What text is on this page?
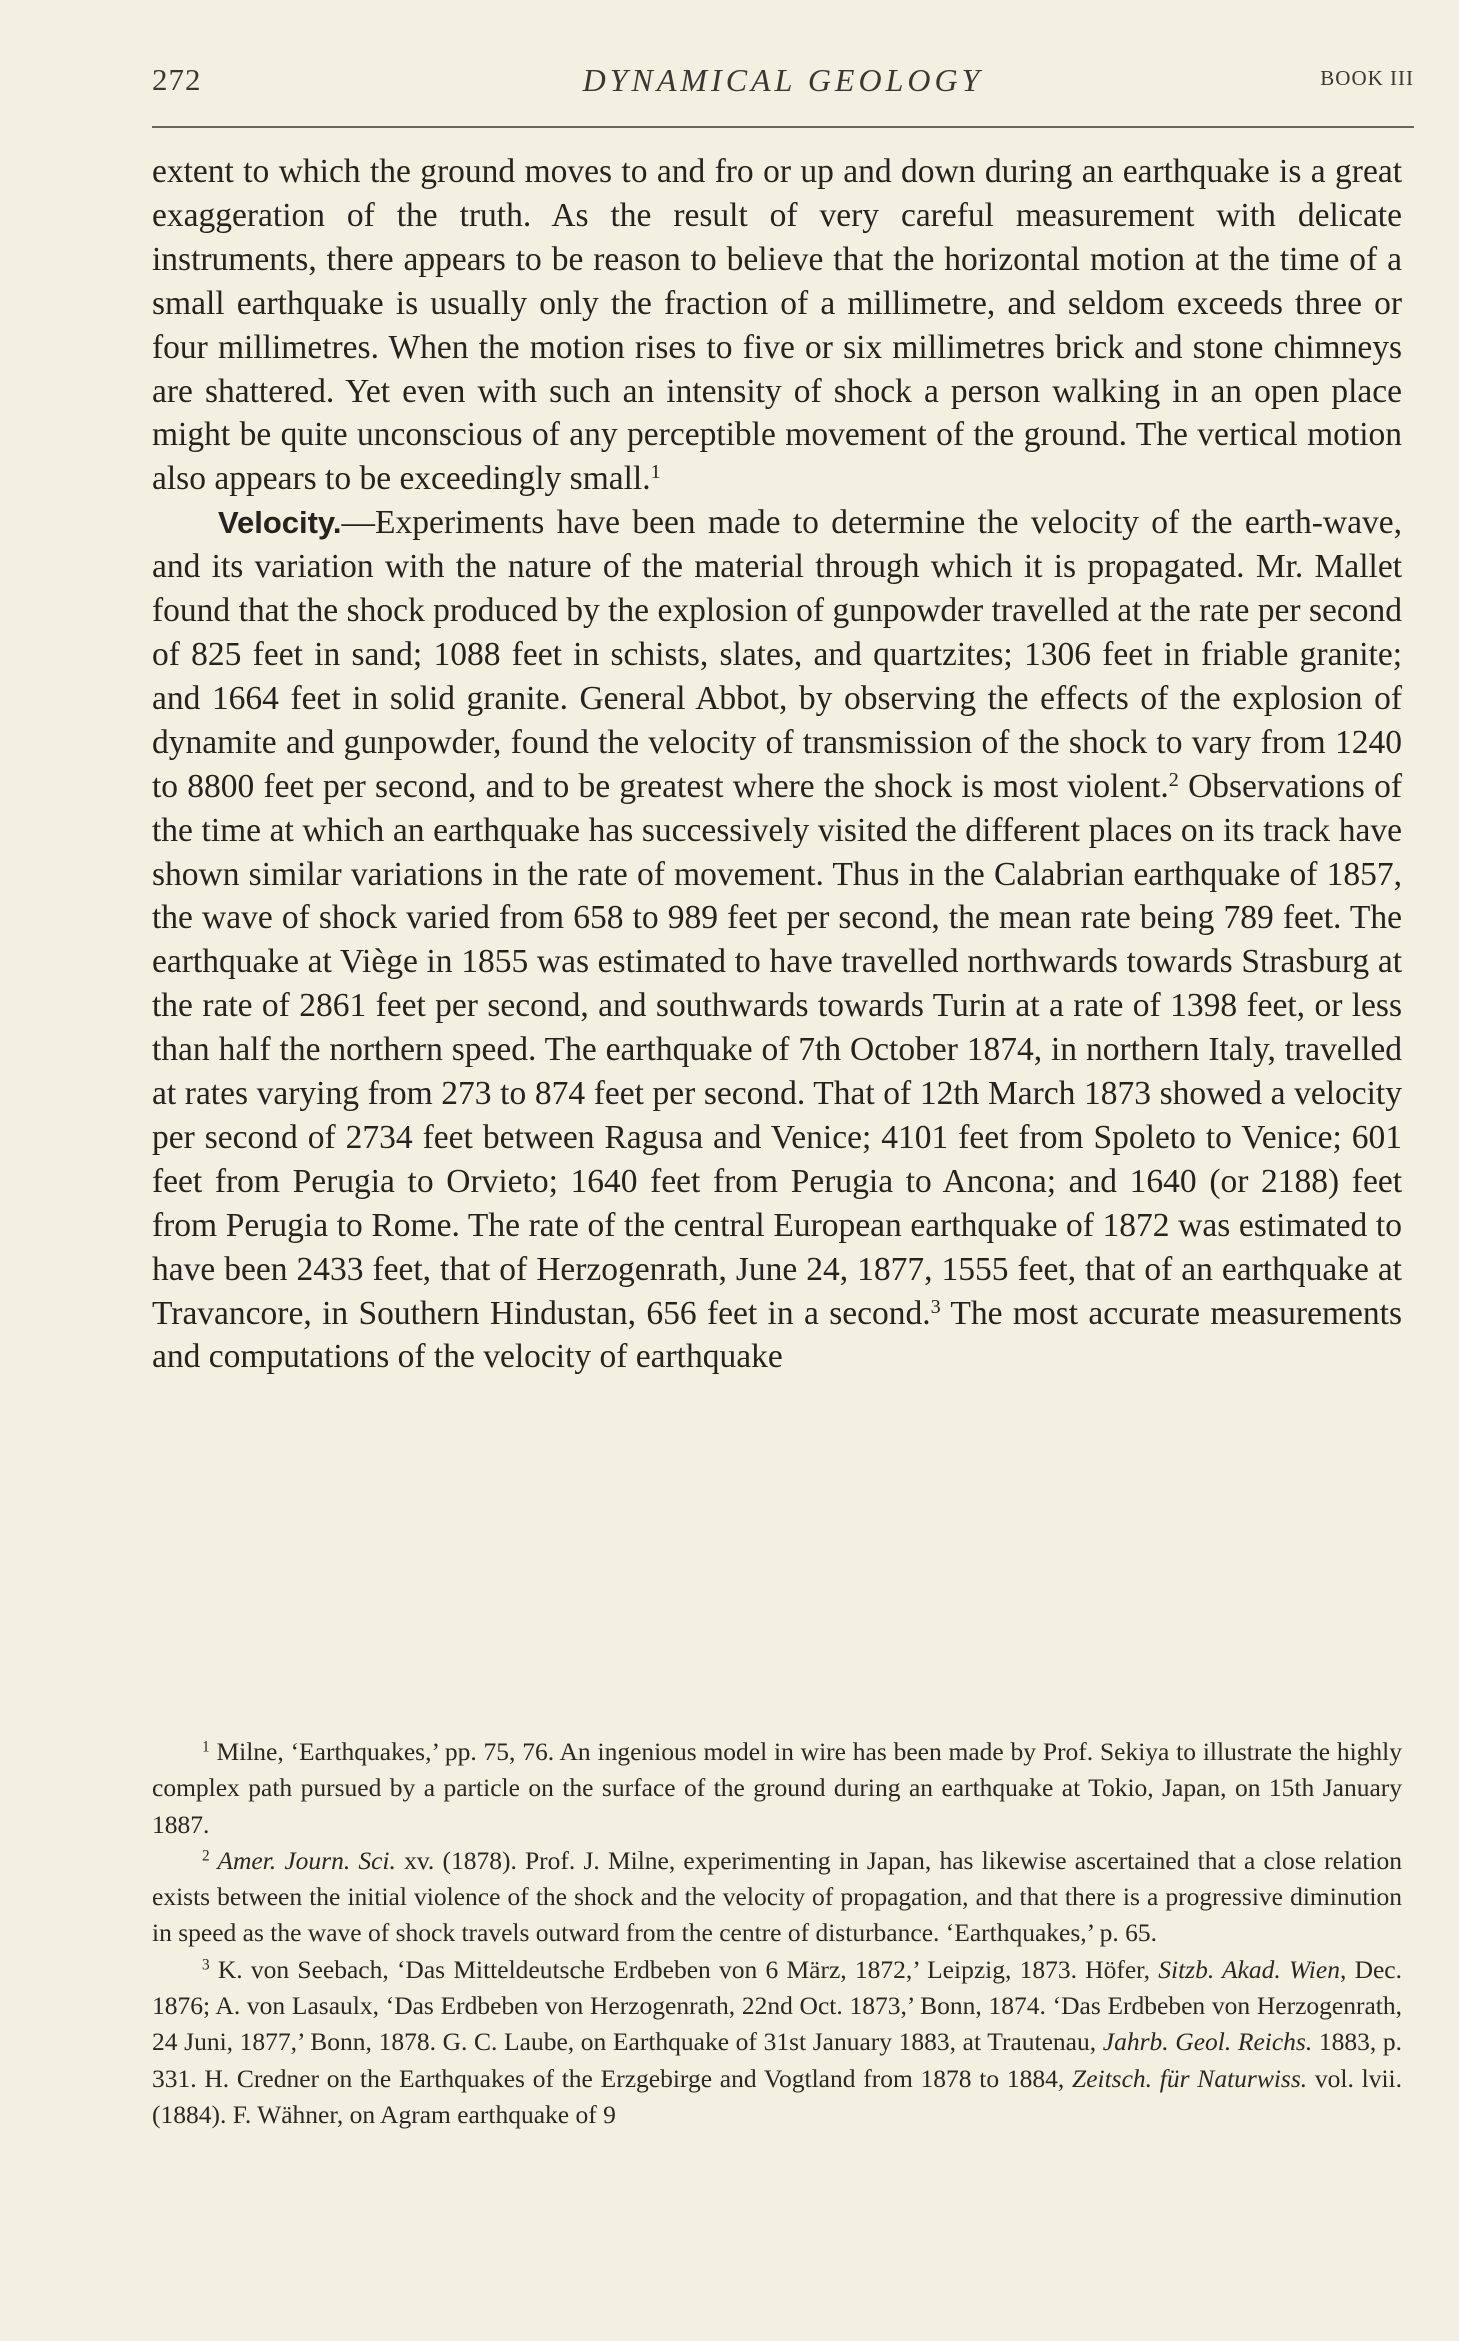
272	DYNAMICAL GEOLOGY	BOOK III

extent to which the ground moves to and fro or up and down during an earthquake is a great exaggeration of the truth. As the result of very careful measurement with delicate instruments, there appears to be reason to believe that the horizontal motion at the time of a small earthquake is usually only the fraction of a millimetre, and seldom exceeds three or four millimetres. When the motion rises to five or six millimetres brick and stone chimneys are shattered. Yet even with such an intensity of shock a person walking in an open place might be quite unconscious of any perceptible movement of the ground. The vertical motion also appears to be exceedingly small.$^1$

Velocity.—Experiments have been made to determine the velocity of the earth-wave, and its variation with the nature of the material through which it is propagated. Mr. Mallet found that the shock produced by the explosion of gunpowder travelled at the rate per second of 825 feet in sand; 1088 feet in schists, slates, and quartzites; 1306 feet in friable granite; and 1664 feet in solid granite. General Abbot, by observing the effects of the explosion of dynamite and gunpowder, found the velocity of transmission of the shock to vary from 1240 to 8800 feet per second, and to be greatest where the shock is most violent.$^2$ Observations of the time at which an earthquake has successively visited the different places on its track have shown similar variations in the rate of movement. Thus in the Calabrian earthquake of 1857, the wave of shock varied from 658 to 989 feet per second, the mean rate being 789 feet. The earthquake at Viège in 1855 was estimated to have travelled northwards towards Strasburg at the rate of 2861 feet per second, and southwards towards Turin at a rate of 1398 feet, or less than half the northern speed. The earthquake of 7th October 1874, in northern Italy, travelled at rates varying from 273 to 874 feet per second. That of 12th March 1873 showed a velocity per second of 2734 feet between Ragusa and Venice; 4101 feet from Spoleto to Venice; 601 feet from Perugia to Orvieto; 1640 feet from Perugia to Ancona; and 1640 (or 2188) feet from Perugia to Rome. The rate of the central European earthquake of 1872 was estimated to have been 2433 feet, that of Herzogenrath, June 24, 1877, 1555 feet, that of an earthquake at Travancore, in Southern Hindustan, 656 feet in a second.$^3$ The most accurate measurements and computations of the velocity of earthquake

$^1$ Milne, ‘Earthquakes,’ pp. 75, 76. An ingenious model in wire has been made by Prof. Sekiya to illustrate the highly complex path pursued by a particle on the surface of the ground during an earthquake at Tokio, Japan, on 15th January 1887.

$^2$ Amer. Journ. Sci. xv. (1878). Prof. J. Milne, experimenting in Japan, has likewise ascertained that a close relation exists between the initial violence of the shock and the velocity of propagation, and that there is a progressive diminution in speed as the wave of shock travels outward from the centre of disturbance. ‘Earthquakes,’ p. 65.

$^3$ K. von Seebach, ‘Das Mitteldeutsche Erdbeben von 6 März, 1872,’ Leipzig, 1873. Höfer, Sitzb. Akad. Wien, Dec. 1876; A. von Lasaulx, ‘Das Erdbeben von Herzogenrath, 22nd Oct. 1873,’ Bonn, 1874. ‘Das Erdbeben von Herzogenrath, 24 Juni, 1877,’ Bonn, 1878. G. C. Laube, on Earthquake of 31st January 1883, at Trautenau, Jahrb. Geol. Reichs. 1883, p. 331. H. Credner on the Earthquakes of the Erzgebirge and Vogtland from 1878 to 1884, Zeitsch. für Naturwiss. vol. lvii. (1884). F. Wähner, on Agram earthquake of 9
